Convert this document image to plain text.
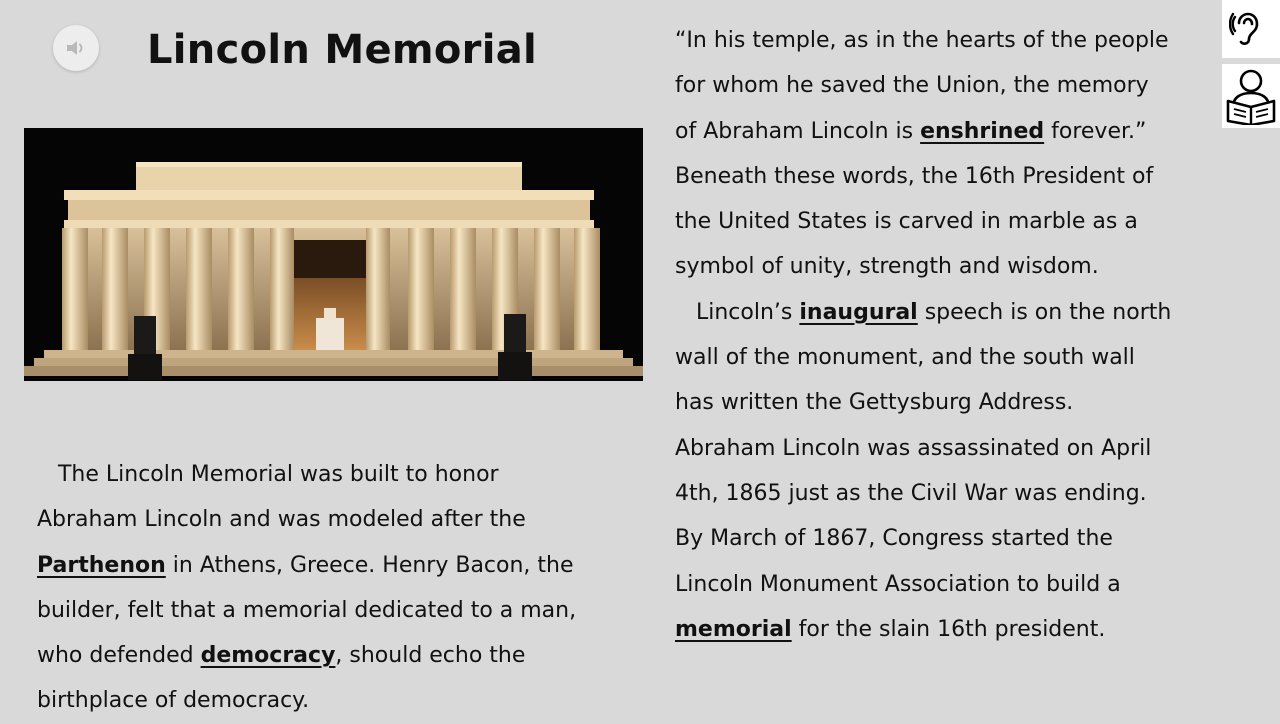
Lincoln Memorial

The Lincoln Memorial was built to honor
Abraham Lincoln and was modeled after the
Parthenon in Athens, Greece. Henry Bacon, the
builder, felt that a memorial dedicated to a man,
who defended democracy, should echo the
birthplace of democracy.

“In his temple, as in the hearts of the people
for whom he saved the Union, the memory
of Abraham Lincoln is enshrined forever.”
Beneath these words, the 16th President of
the United States is carved in marble as a
symbol of unity, strength and wisdom.
Lincoln’s inaugural speech is on the north
wall of the monument, and the south wall
has written the Gettysburg Address.
Abraham Lincoln was assassinated on April
4th, 1865 just as the Civil War was ending.
By March of 1867, Congress started the
Lincoln Monument Association to build a
memorial for the slain 16th president.
